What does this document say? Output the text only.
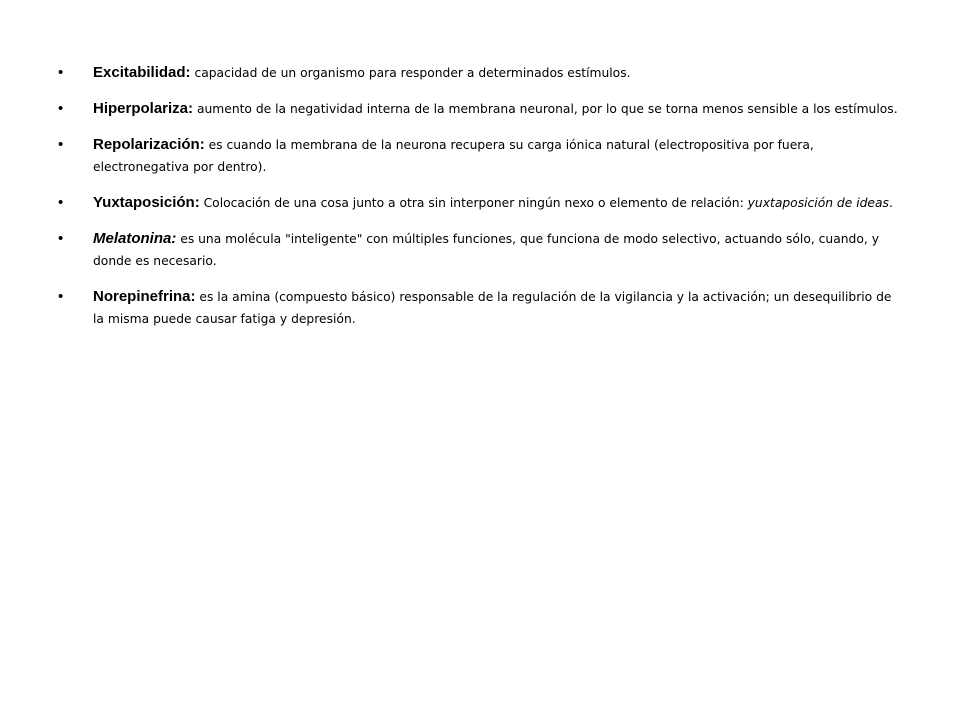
•	Excitabilidad: capacidad de un organismo para responder a determinados estímulos.
•	Hiperpolariza: aumento de la negatividad interna de la membrana neuronal, por lo que se torna menos sensible a los estímulos.
•	Repolarización: es cuando la membrana de la neurona recupera su carga iónica natural (electropositiva por fuera, electronegativa por dentro).
•	Yuxtaposición: Colocación de una cosa junto a otra sin interponer ningún nexo o elemento de relación: yuxtaposición de ideas.
•	Melatonina: es una molécula "inteligente" con múltiples funciones, que funciona de modo selectivo, actuando sólo, cuando, y donde es necesario.
•	Norepinefrina: es la amina (compuesto básico) responsable de la regulación de la vigilancia y la activación; un desequilibrio de la misma puede causar fatiga y depresión.
